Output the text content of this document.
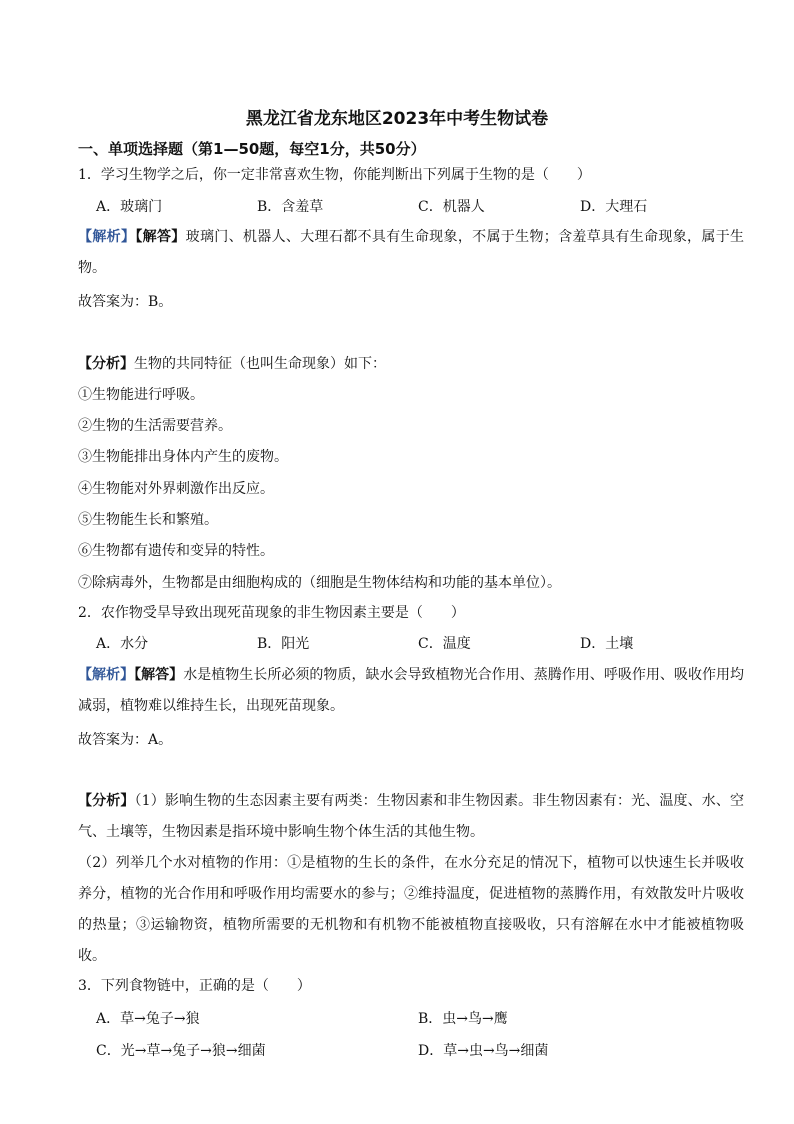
黑龙江省龙东地区2023年中考生物试卷
一、单项选择题（第1—50题，每空1分，共50分）
1．学习生物学之后，你一定非常喜欢生物，你能判断出下列属于生物的是（　　）
A．玻璃门	B．含羞草	C．机器人	D．大理石
【解析】【解答】玻璃门、机器人、大理石都不具有生命现象，不属于生物；含羞草具有生命现象，属于生物。
故答案为：B。
【分析】生物的共同特征（也叫生命现象）如下：
①生物能进行呼吸。
②生物的生活需要营养。
③生物能排出身体内产生的废物。
④生物能对外界刺激作出反应。
⑤生物能生长和繁殖。
⑥生物都有遗传和变异的特性。
⑦除病毒外，生物都是由细胞构成的（细胞是生物体结构和功能的基本单位）。
2．农作物受旱导致出现死苗现象的非生物因素主要是（　　）
A．水分	B．阳光	C．温度	D．土壤
【解析】【解答】水是植物生长所必须的物质，缺水会导致植物光合作用、蒸腾作用、呼吸作用、吸收作用均减弱，植物难以维持生长，出现死苗现象。
故答案为：A。
【分析】（1）影响生物的生态因素主要有两类：生物因素和非生物因素。非生物因素有：光、温度、水、空气、土壤等，生物因素是指环境中影响生物个体生活的其他生物。
（2）列举几个水对植物的作用：①是植物的生长的条件，在水分充足的情况下，植物可以快速生长并吸收养分，植物的光合作用和呼吸作用均需要水的参与；②维持温度，促进植物的蒸腾作用，有效散发叶片吸收的热量；③运输物资，植物所需要的无机物和有机物不能被植物直接吸收，只有溶解在水中才能被植物吸收。
3．下列食物链中，正确的是（　　）
A．草→兔子→狼	B．虫→鸟→鹰
C．光→草→兔子→狼→细菌	D．草→虫→鸟→细菌
